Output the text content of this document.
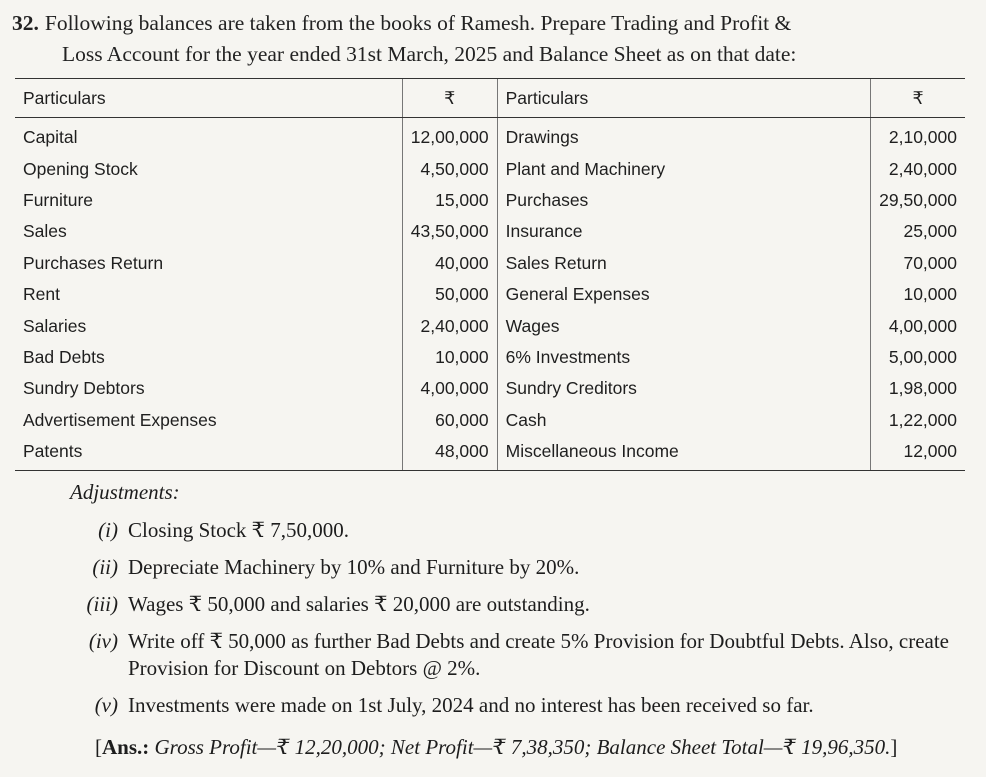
32. Following balances are taken from the books of Ramesh. Prepare Trading and Profit &
Loss Account for the year ended 31st March, 2025 and Balance Sheet as on that date:
Particulars	₹	Particulars	₹
Capital	12,00,000	Drawings	2,10,000
Opening Stock	4,50,000	Plant and Machinery	2,40,000
Furniture	15,000	Purchases	29,50,000
Sales	43,50,000	Insurance	25,000
Purchases Return	40,000	Sales Return	70,000
Rent	50,000	General Expenses	10,000
Salaries	2,40,000	Wages	4,00,000
Bad Debts	10,000	6% Investments	5,00,000
Sundry Debtors	4,00,000	Sundry Creditors	1,98,000
Advertisement Expenses	60,000	Cash	1,22,000
Patents	48,000	Miscellaneous Income	12,000
Adjustments:
(i) Closing Stock ₹ 7,50,000.
(ii) Depreciate Machinery by 10% and Furniture by 20%.
(iii) Wages ₹ 50,000 and salaries ₹ 20,000 are outstanding.
(iv) Write off ₹ 50,000 as further Bad Debts and create 5% Provision for Doubtful Debts. Also, create Provision for Discount on Debtors @ 2%.
(v) Investments were made on 1st July, 2024 and no interest has been received so far.
[Ans.: Gross Profit—₹ 12,20,000; Net Profit—₹ 7,38,350; Balance Sheet Total—₹ 19,96,350.]
